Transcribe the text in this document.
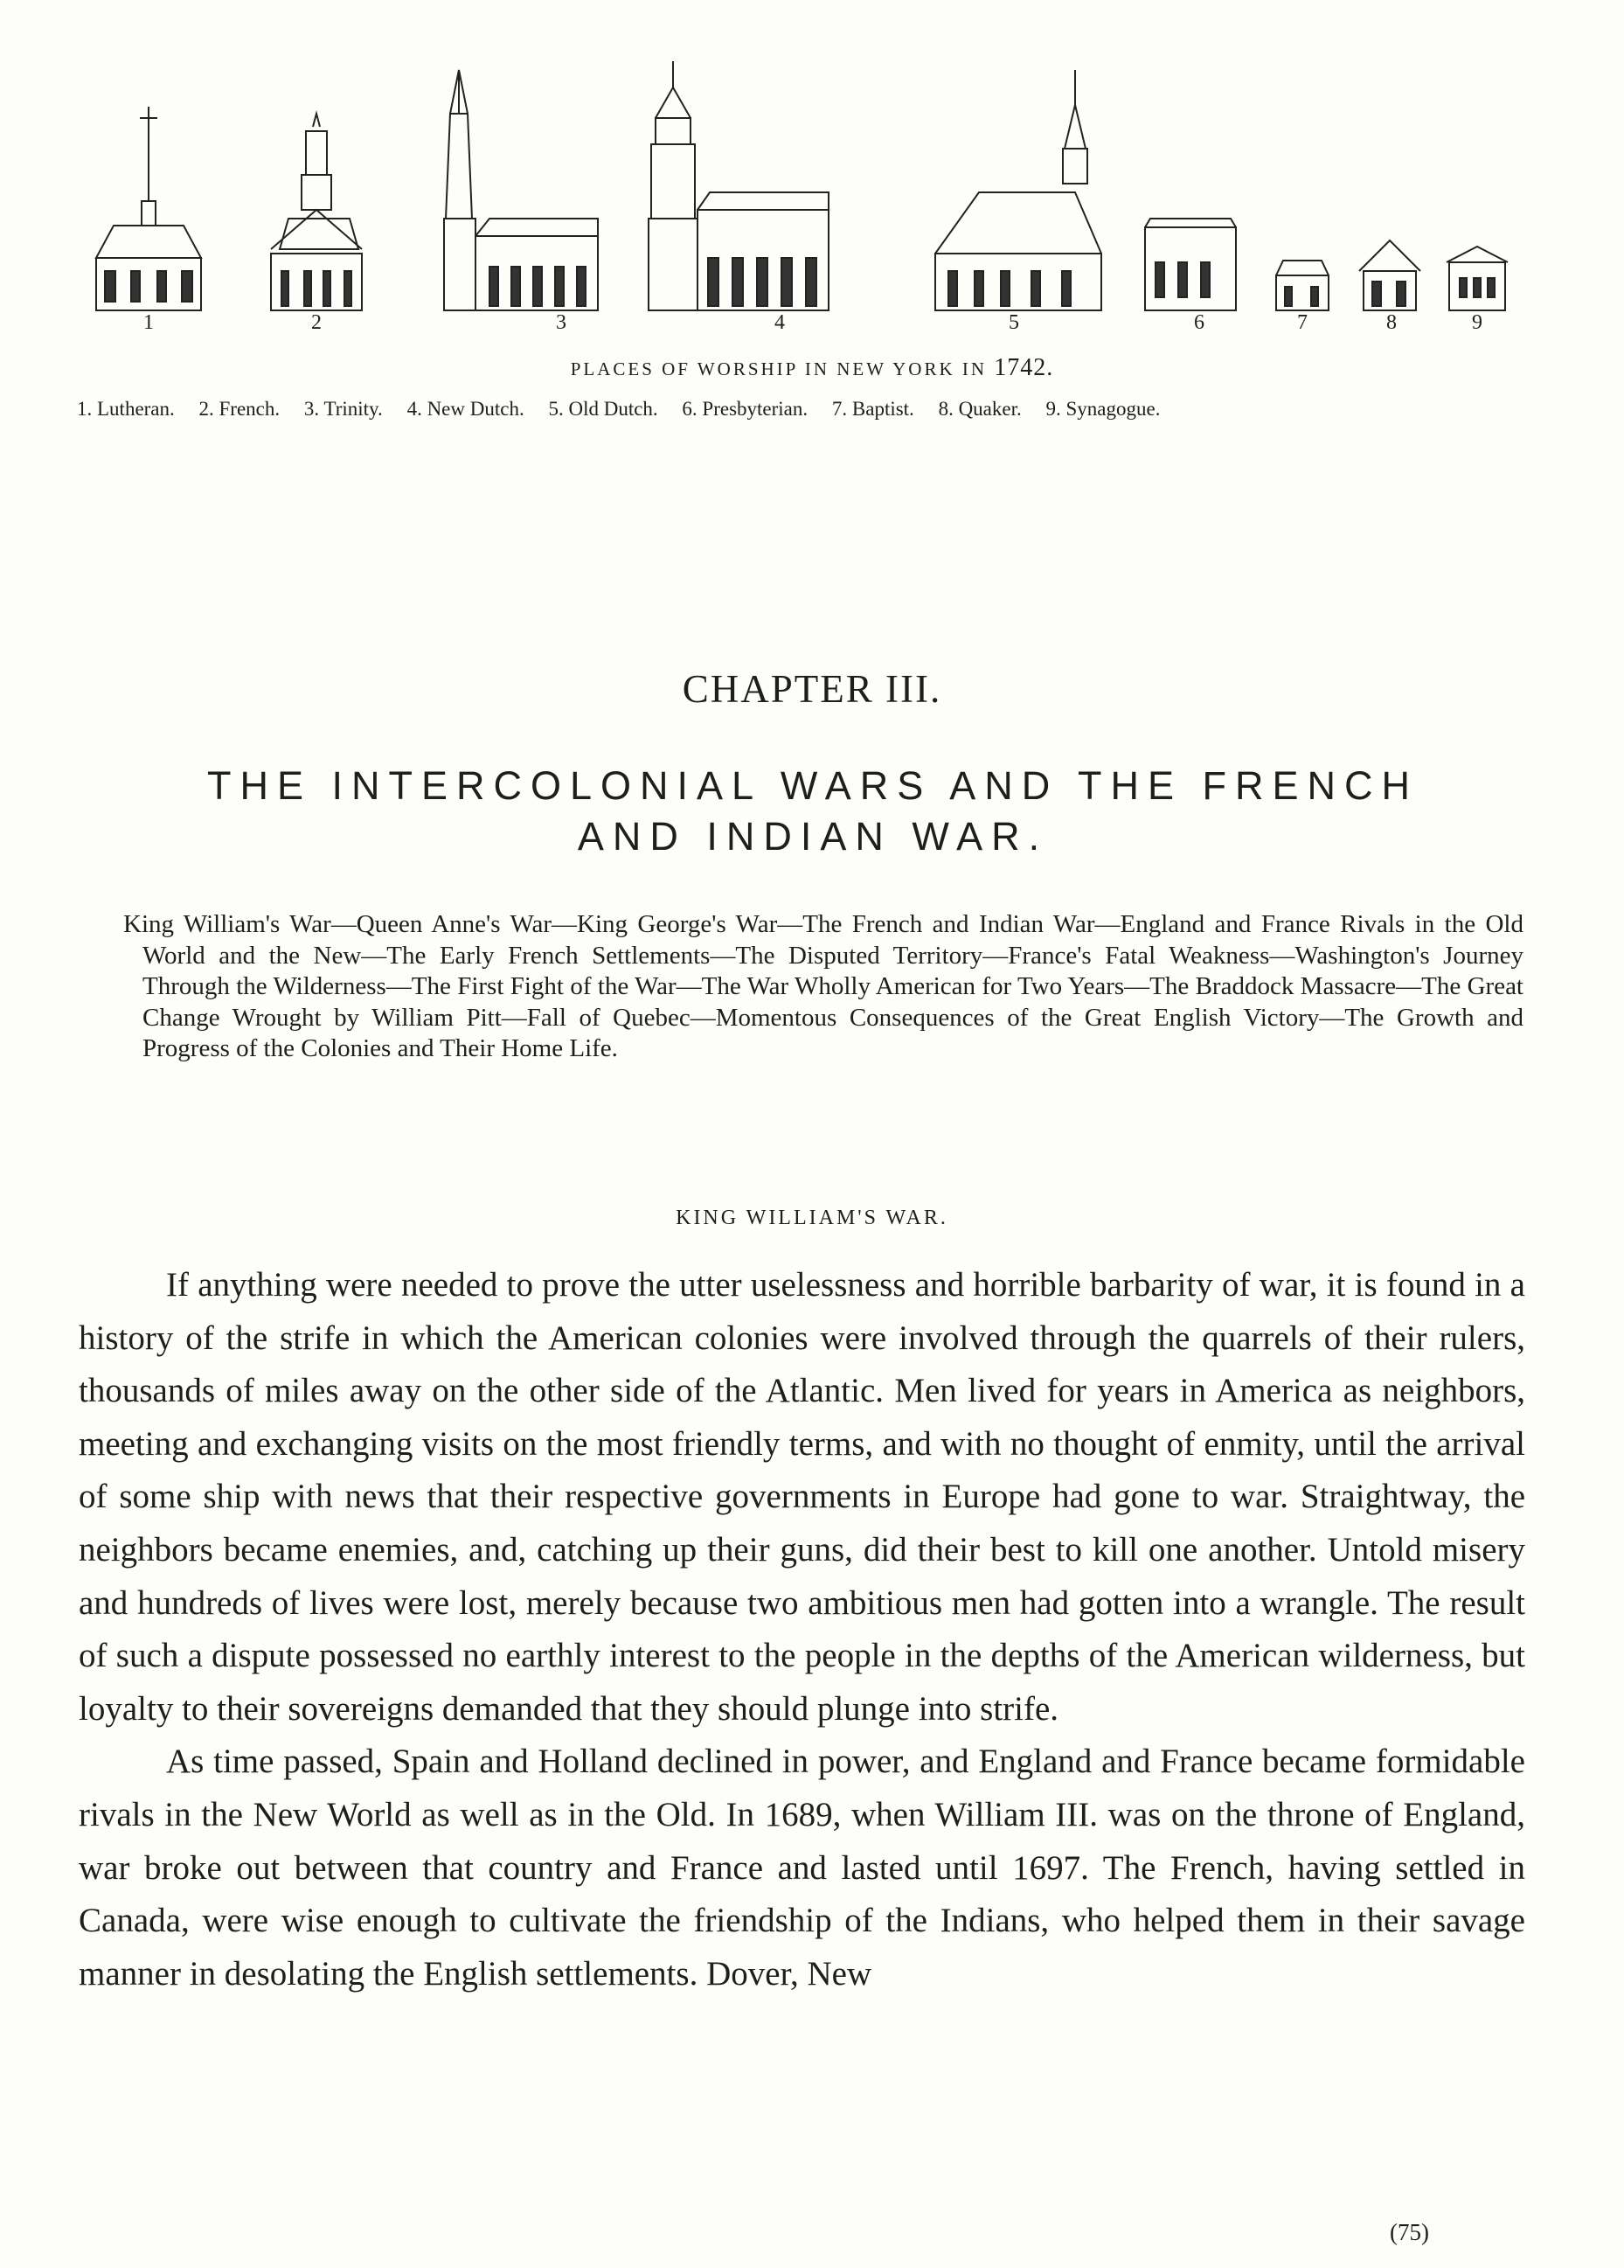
1	2	3	4	5	6	7	8	9
PLACES OF WORSHIP IN NEW YORK IN 1742.
1. Lutheran. 2. French. 3. Trinity. 4. New Dutch. 5. Old Dutch. 6. Presbyterian. 7. Baptist. 8. Quaker. 9. Synagogue.
CHAPTER III.
THE INTERCOLONIAL WARS AND THE FRENCH
AND INDIAN WAR.
King William's War—Queen Anne's War—King George's War—The French and Indian War—England and France Rivals in the Old World and the New—The Early French Settlements—The Disputed Territory—France's Fatal Weakness—Washington's Journey Through the Wilderness—The First Fight of the War—The War Wholly American for Two Years—The Braddock Massacre—The Great Change Wrought by William Pitt—Fall of Quebec—Momentous Consequences of the Great English Victory—The Growth and Progress of the Colonies and Their Home Life.
KING WILLIAM'S WAR.

If anything were needed to prove the utter uselessness and horrible barbarity of war, it is found in a history of the strife in which the American colonies were involved through the quarrels of their rulers, thousands of miles away on the other side of the Atlantic. Men lived for years in America as neighbors, meeting and exchanging visits on the most friendly terms, and with no thought of enmity, until the arrival of some ship with news that their respective governments in Europe had gone to war. Straightway, the neighbors became enemies, and, catching up their guns, did their best to kill one another. Untold misery and hundreds of lives were lost, merely because two ambitious men had gotten into a wrangle. The result of such a dispute possessed no earthly interest to the people in the depths of the American wilderness, but loyalty to their sovereigns demanded that they should plunge into strife.

As time passed, Spain and Holland declined in power, and England and France became formidable rivals in the New World as well as in the Old. In 1689, when William III. was on the throne of England, war broke out between that country and France and lasted until 1697. The French, having settled in Canada, were wise enough to cultivate the friendship of the Indians, who helped them in their savage manner in desolating the English settlements. Dover, New

(75)
